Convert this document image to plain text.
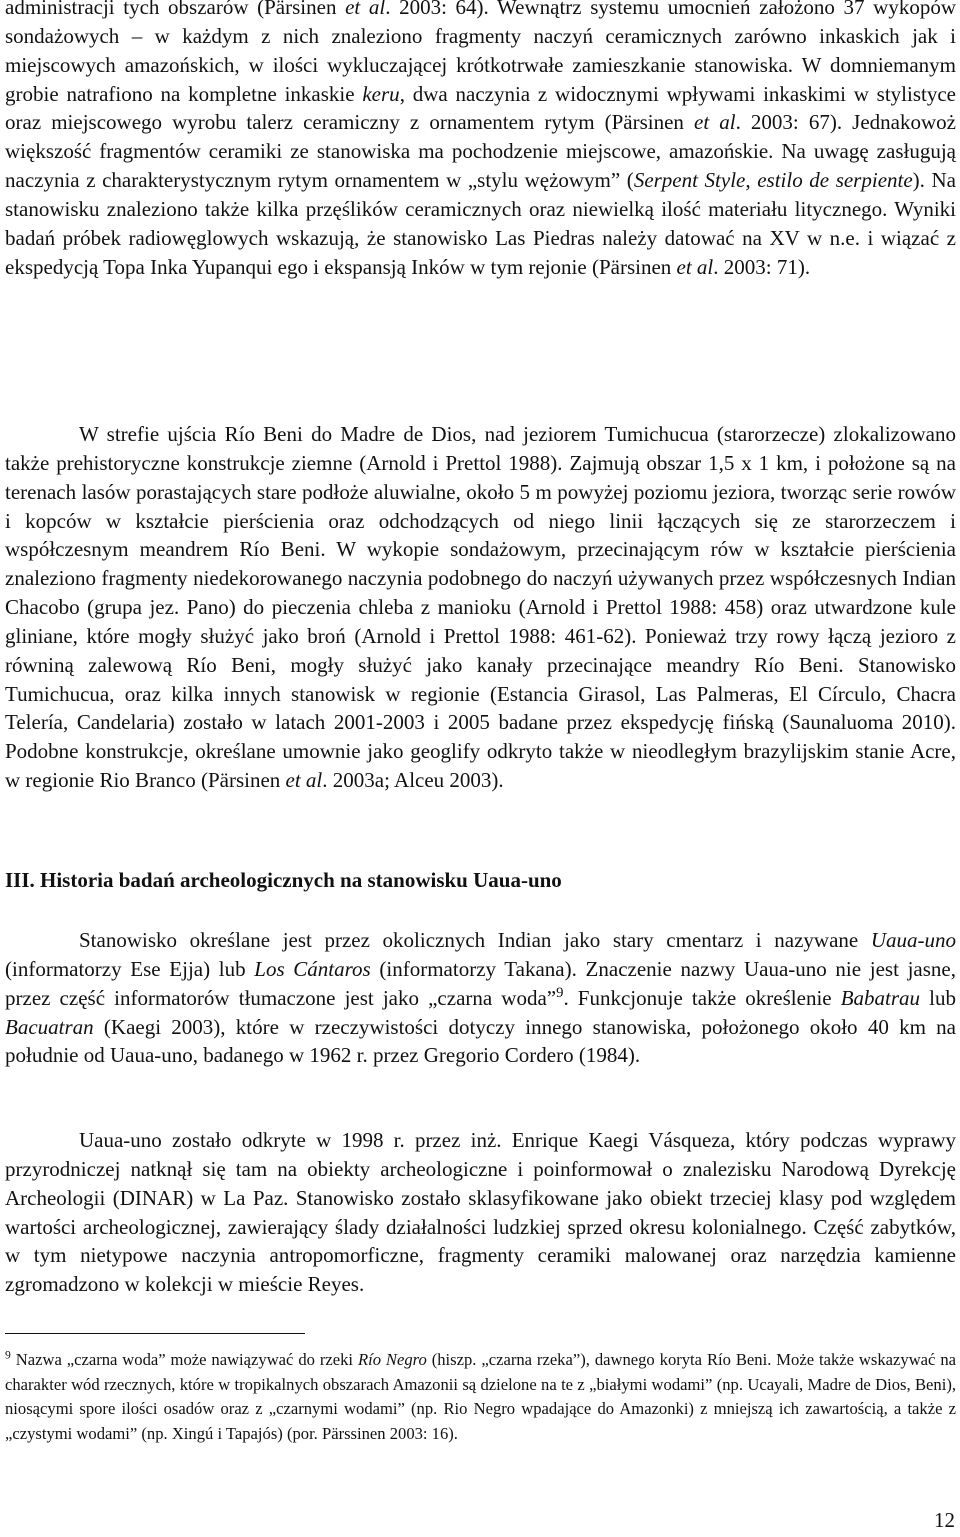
administracji tych obszarów (Pärsinen et al. 2003: 64). Wewnątrz systemu umocnień założono 37 wykopów sondażowych – w każdym z nich znaleziono fragmenty naczyń ceramicznych zarówno inkaskich jak i miejscowych amazońskich, w ilości wykluczającej krótkotrwałe zamieszkanie stanowiska. W domniemanym grobie natrafiono na kompletne inkaskie keru, dwa naczynia z widocznymi wpływami inkaskimi w stylistyce oraz miejscowego wyrobu talerz ceramiczny z ornamentem rytym (Pärsinen et al. 2003: 67). Jednakowoż większość fragmentów ceramiki ze stanowiska ma pochodzenie miejscowe, amazońskie. Na uwagę zasługują naczynia z charakterystycznym rytym ornamentem w „stylu wężowym” (Serpent Style, estilo de serpiente). Na stanowisku znaleziono także kilka przęślików ceramicznych oraz niewielką ilość materiału litycznego. Wyniki badań próbek radiowęglowych wskazują, że stanowisko Las Piedras należy datować na XV w n.e. i wiązać z ekspedycją Topa Inka Yupanqui ego i ekspansją Inków w tym rejonie (Pärsinen et al. 2003: 71).

W strefie ujścia Río Beni do Madre de Dios, nad jeziorem Tumichucua (starorzecze) zlokalizowano także prehistoryczne konstrukcje ziemne (Arnold i Prettol 1988). Zajmują obszar 1,5 x 1 km, i położone są na terenach lasów porastających stare podłoże aluwialne, około 5 m powyżej poziomu jeziora, tworząc serie rowów i kopców w kształcie pierścienia oraz odchodzących od niego linii łączących się ze starorzeczem i współczesnym meandrem Río Beni. W wykopie sondażowym, przecinającym rów w kształcie pierścienia znaleziono fragmenty niedekorowanego naczynia podobnego do naczyń używanych przez współczesnych Indian Chacobo (grupa jez. Pano) do pieczenia chleba z manioku (Arnold i Prettol 1988: 458) oraz utwardzone kule gliniane, które mogły służyć jako broń (Arnold i Prettol 1988: 461-62). Ponieważ trzy rowy łączą jezioro z równiną zalewową Río Beni, mogły służyć jako kanały przecinające meandry Río Beni. Stanowisko Tumichucua, oraz kilka innych stanowisk w regionie (Estancia Girasol, Las Palmeras, El Círculo, Chacra Telería, Candelaria) zostało w latach 2001-2003 i 2005 badane przez ekspedycję fińską (Saunaluoma 2010). Podobne konstrukcje, określane umownie jako geoglify odkryto także w nieodległym brazylijskim stanie Acre, w regionie Rio Branco (Pärsinen et al. 2003a; Alceu 2003).

III. Historia badań archeologicznych na stanowisku Uaua-uno

Stanowisko określane jest przez okolicznych Indian jako stary cmentarz i nazywane Uaua-uno (informatorzy Ese Ejja) lub Los Cántaros (informatorzy Takana). Znaczenie nazwy Uaua-uno nie jest jasne, przez część informatorów tłumaczone jest jako „czarna woda”$^9$. Funkcjonuje także określenie Babatrau lub Bacuatran (Kaegi 2003), które w rzeczywistości dotyczy innego stanowiska, położonego około 40 km na południe od Uaua-uno, badanego w 1962 r. przez Gregorio Cordero (1984).

Uaua-uno zostało odkryte w 1998 r. przez inż. Enrique Kaegi Vásqueza, który podczas wyprawy przyrodniczej natknął się tam na obiekty archeologiczne i poinformował o znalezisku Narodową Dyrekcję Archeologii (DINAR) w La Paz. Stanowisko zostało sklasyfikowane jako obiekt trzeciej klasy pod względem wartości archeologicznej, zawierający ślady działalności ludzkiej sprzed okresu kolonialnego. Część zabytków, w tym nietypowe naczynia antropomorficzne, fragmenty ceramiki malowanej oraz narzędzia kamienne zgromadzono w kolekcji w mieście Reyes.

$^9$ Nazwa „czarna woda” może nawiązywać do rzeki Río Negro (hiszp. „czarna rzeka”), dawnego koryta Río Beni. Może także wskazywać na charakter wód rzecznych, które w tropikalnych obszarach Amazonii są dzielone na te z „białymi wodami” (np. Ucayali, Madre de Dios, Beni), niosącymi spore ilości osadów oraz z „czarnymi wodami” (np. Rio Negro wpadające do Amazonki) z mniejszą ich zawartością, a także z „czystymi wodami” (np. Xingú i Tapajós) (por. Pärssinen 2003: 16).

12
